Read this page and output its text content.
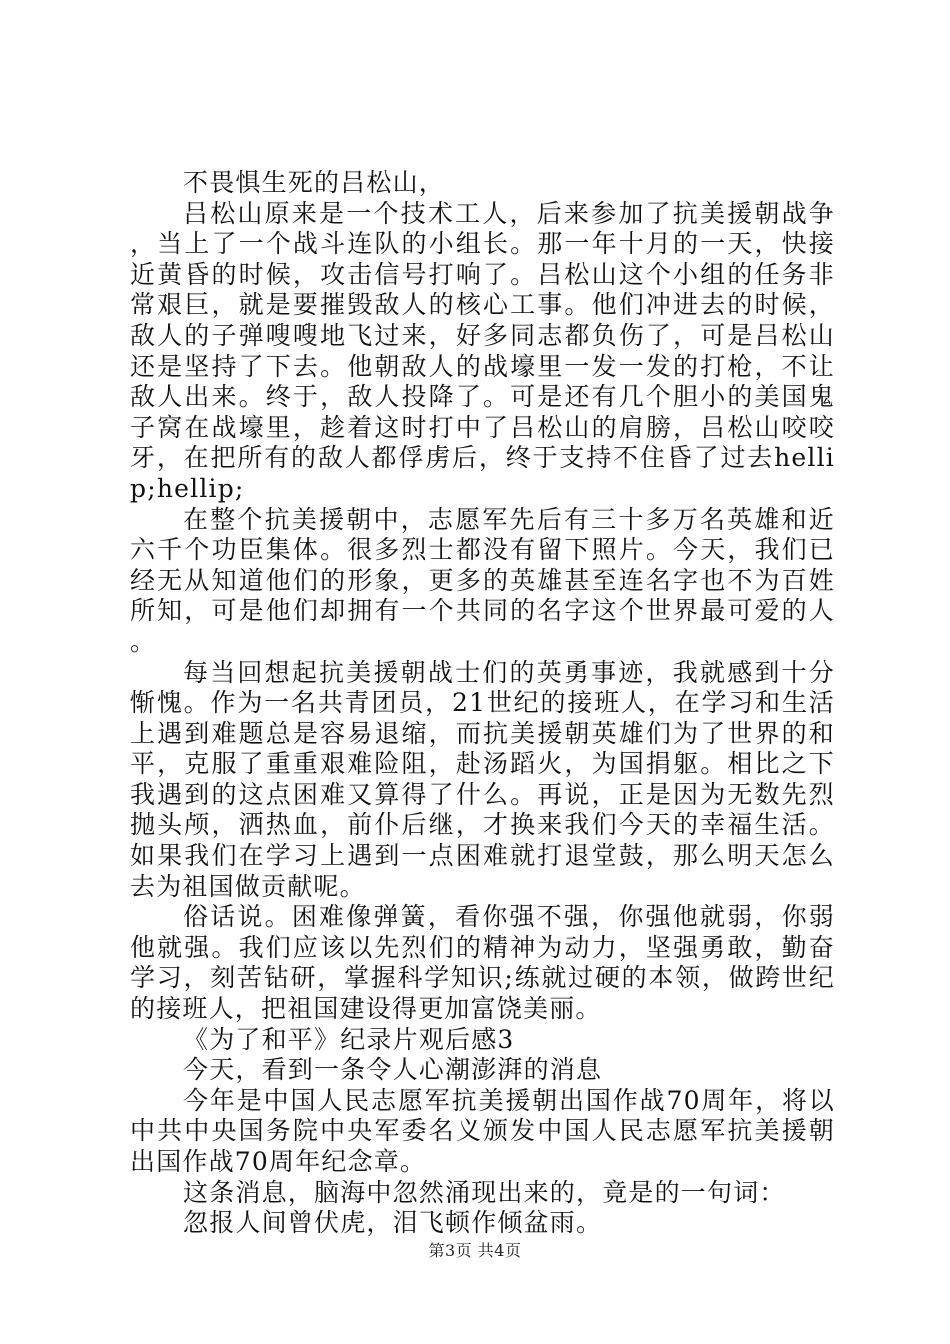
不畏惧生死的吕松山，

吕松山原来是一个技术工人，后来参加了抗美援朝战争，当上了一个战斗连队的小组长。那一年十月的一天，快接近黄昏的时候，攻击信号打响了。吕松山这个小组的任务非常艰巨，就是要摧毁敌人的核心工事。他们冲进去的时候，敌人的子弹嗖嗖地飞过来，好多同志都负伤了，可是吕松山还是坚持了下去。他朝敌人的战壕里一发一发的打枪，不让敌人出来。终于，敌人投降了。可是还有几个胆小的美国鬼子窝在战壕里，趁着这时打中了吕松山的肩膀，吕松山咬咬牙，在把所有的敌人都俘虏后，终于支持不住昏了过去hellip;hellip;

在整个抗美援朝中，志愿军先后有三十多万名英雄和近六千个功臣集体。很多烈士都没有留下照片。今天，我们已经无从知道他们的形象，更多的英雄甚至连名字也不为百姓所知，可是他们却拥有一个共同的名字这个世界最可爱的人。

每当回想起抗美援朝战士们的英勇事迹，我就感到十分惭愧。作为一名共青团员，21世纪的接班人，在学习和生活上遇到难题总是容易退缩，而抗美援朝英雄们为了世界的和平，克服了重重艰难险阻，赴汤蹈火，为国捐躯。相比之下我遇到的这点困难又算得了什么。再说，正是因为无数先烈抛头颅，洒热血，前仆后继，才换来我们今天的幸福生活。如果我们在学习上遇到一点困难就打退堂鼓，那么明天怎么去为祖国做贡献呢。

俗话说。困难像弹簧，看你强不强，你强他就弱，你弱他就强。我们应该以先烈们的精神为动力，坚强勇敢，勤奋学习，刻苦钻研，掌握科学知识;练就过硬的本领，做跨世纪的接班人，把祖国建设得更加富饶美丽。

《为了和平》纪录片观后感3

今天，看到一条令人心潮澎湃的消息

今年是中国人民志愿军抗美援朝出国作战70周年，将以中共中央国务院中央军委名义颁发中国人民志愿军抗美援朝出国作战70周年纪念章。

这条消息，脑海中忽然涌现出来的，竟是的一句词：

忽报人间曾伏虎，泪飞顿作倾盆雨。

第3页 共4页
